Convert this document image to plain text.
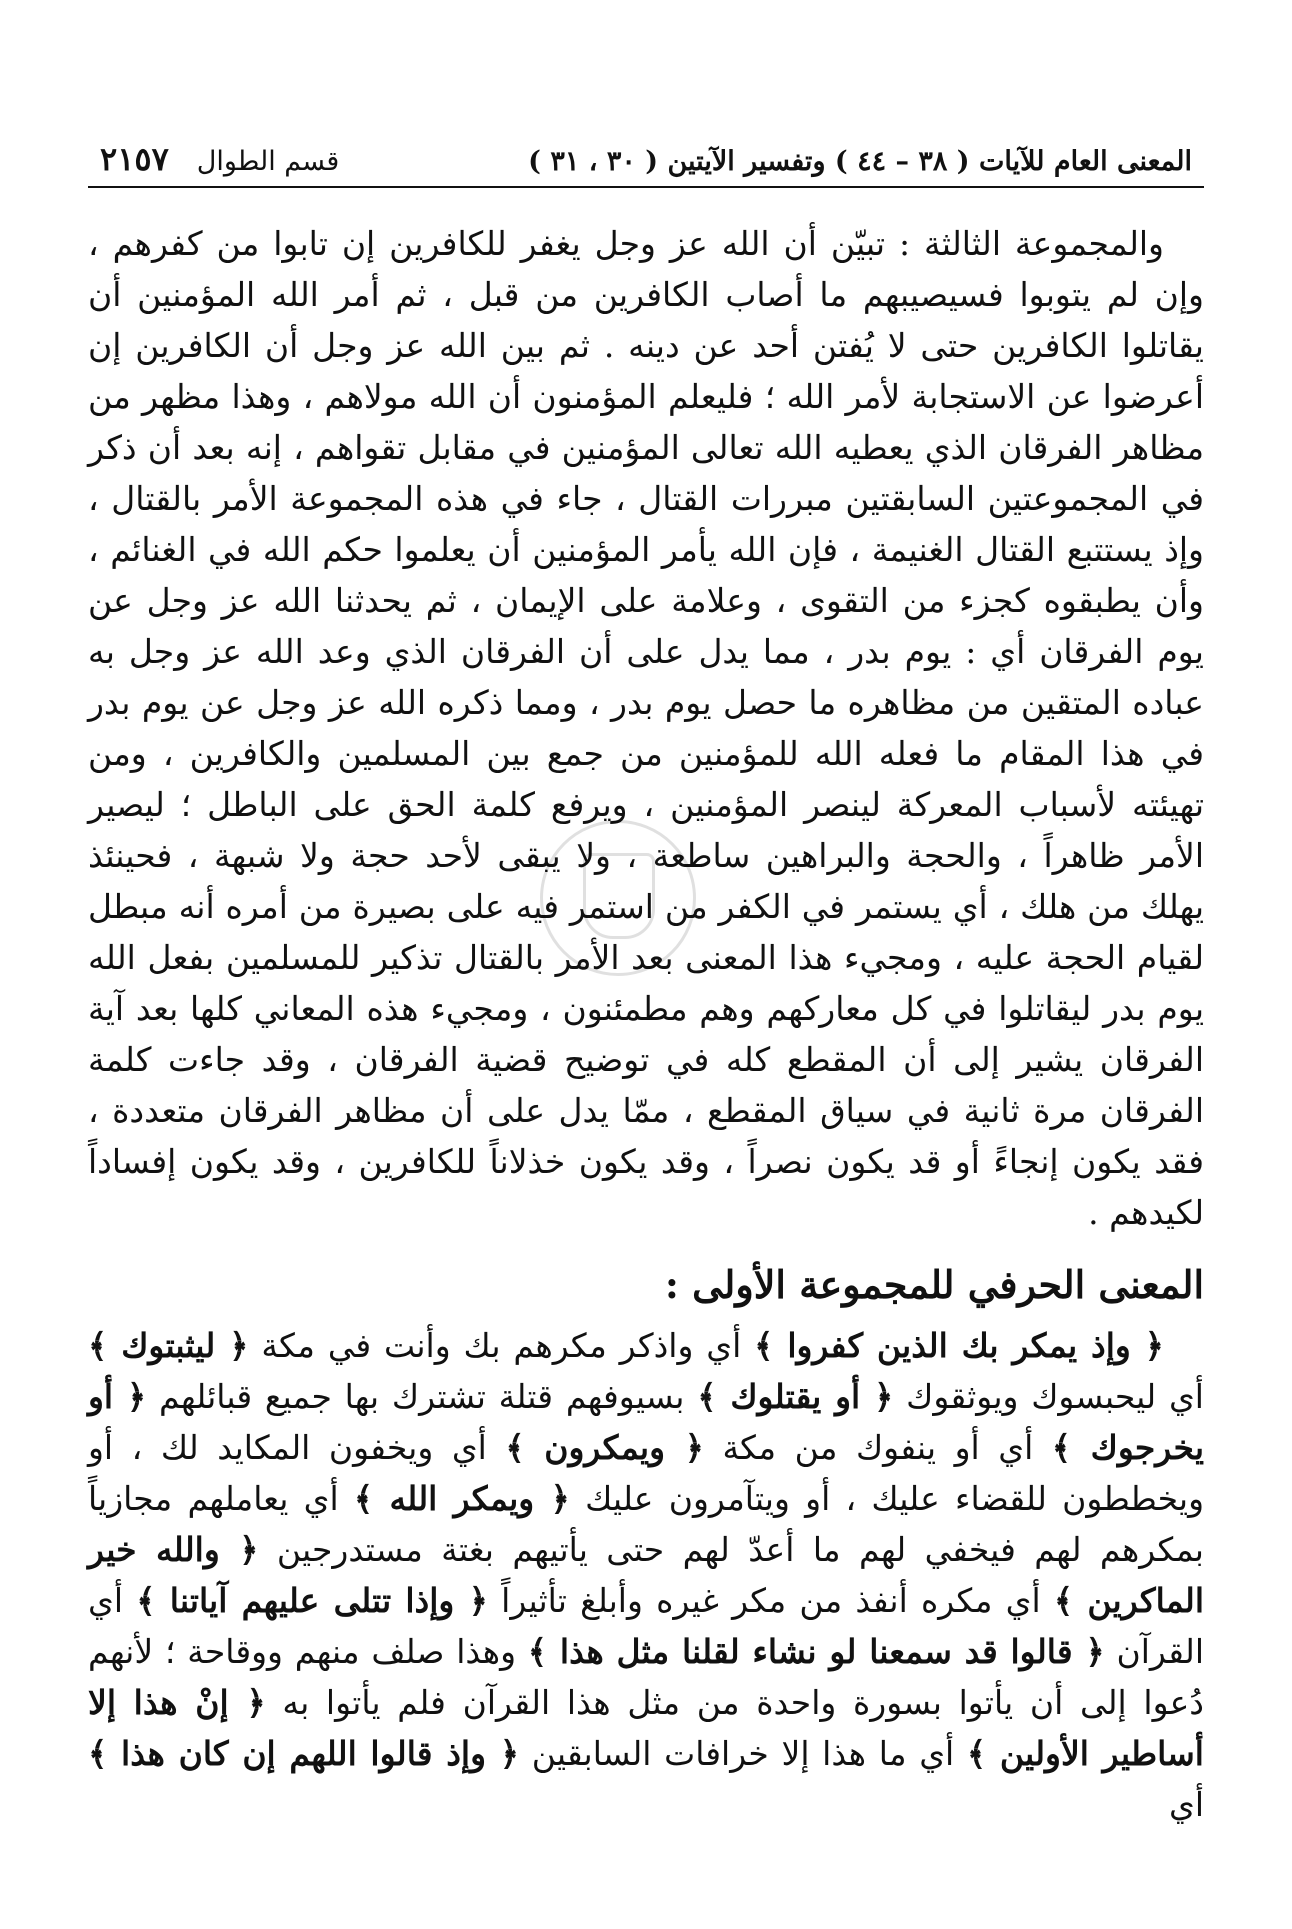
المعنى العام للآيات ( ٣٨ – ٤٤ ) وتفسير الآيتين ( ٣٠ ، ٣١ )
قسم الطوال
٢١٥٧

والمجموعة الثالثة : تبيّن أن الله عز وجل يغفر للكافرين إن تابوا من كفرهم ، وإن لم يتوبوا فسيصيبهم ما أصاب الكافرين من قبل ، ثم أمر الله المؤمنين أن يقاتلوا الكافرين حتى لا يُفتن أحد عن دينه . ثم بين الله عز وجل أن الكافرين إن أعرضوا عن الاستجابة لأمر الله ؛ فليعلم المؤمنون أن الله مولاهم ، وهذا مظهر من مظاهر الفرقان الذي يعطيه الله تعالى المؤمنين في مقابل تقواهم ، إنه بعد أن ذكر في المجموعتين السابقتين مبررات القتال ، جاء في هذه المجموعة الأمر بالقتال ، وإذ يستتبع القتال الغنيمة ، فإن الله يأمر المؤمنين أن يعلموا حكم الله في الغنائم ، وأن يطبقوه كجزء من التقوى ، وعلامة على الإيمان ، ثم يحدثنا الله عز وجل عن يوم الفرقان أي : يوم بدر ، مما يدل على أن الفرقان الذي وعد الله عز وجل به عباده المتقين من مظاهره ما حصل يوم بدر ، ومما ذكره الله عز وجل عن يوم بدر في هذا المقام ما فعله الله للمؤمنين من جمع بين المسلمين والكافرين ، ومن تهيئته لأسباب المعركة لينصر المؤمنين ، ويرفع كلمة الحق على الباطل ؛ ليصير الأمر ظاهراً ، والحجة والبراهين ساطعة ، ولا يبقى لأحد حجة ولا شبهة ، فحينئذ يهلك من هلك ، أي يستمر في الكفر من استمر فيه على بصيرة من أمره أنه مبطل لقيام الحجة عليه ، ومجيء هذا المعنى بعد الأمر بالقتال تذكير للمسلمين بفعل الله يوم بدر ليقاتلوا في كل معاركهم وهم مطمئنون ، ومجيء هذه المعاني كلها بعد آية الفرقان يشير إلى أن المقطع كله في توضيح قضية الفرقان ، وقد جاءت كلمة الفرقان مرة ثانية في سياق المقطع ، ممّا يدل على أن مظاهر الفرقان متعددة ، فقد يكون إنجاءً أو قد يكون نصراً ، وقد يكون خذلاناً للكافرين ، وقد يكون إفساداً لكيدهم .

المعنى الحرفي للمجموعة الأولى :

﴿ وإذ يمكر بك الذين كفروا ﴾ أي واذكر مكرهم بك وأنت في مكة ﴿ ليثبتوك ﴾ أي ليحبسوك ويوثقوك ﴿ أو يقتلوك ﴾ بسيوفهم قتلة تشترك بها جميع قبائلهم ﴿ أو يخرجوك ﴾ أي أو ينفوك من مكة ﴿ ويمكرون ﴾ أي ويخفون المكايد لك ، أو ويخططون للقضاء عليك ، أو ويتآمرون عليك ﴿ ويمكر الله ﴾ أي يعاملهم مجازياً بمكرهم لهم فيخفي لهم ما أعدّ لهم حتى يأتيهم بغتة مستدرجين ﴿ والله خير الماكرين ﴾ أي مكره أنفذ من مكر غيره وأبلغ تأثيراً ﴿ وإذا تتلى عليهم آياتنا ﴾ أي القرآن ﴿ قالوا قد سمعنا لو نشاء لقلنا مثل هذا ﴾ وهذا صلف منهم ووقاحة ؛ لأنهم دُعوا إلى أن يأتوا بسورة واحدة من مثل هذا القرآن فلم يأتوا به ﴿ إنْ هذا إلا أساطير الأولين ﴾ أي ما هذا إلا خرافات السابقين ﴿ وإذ قالوا اللهم إن كان هذا ﴾ أي
